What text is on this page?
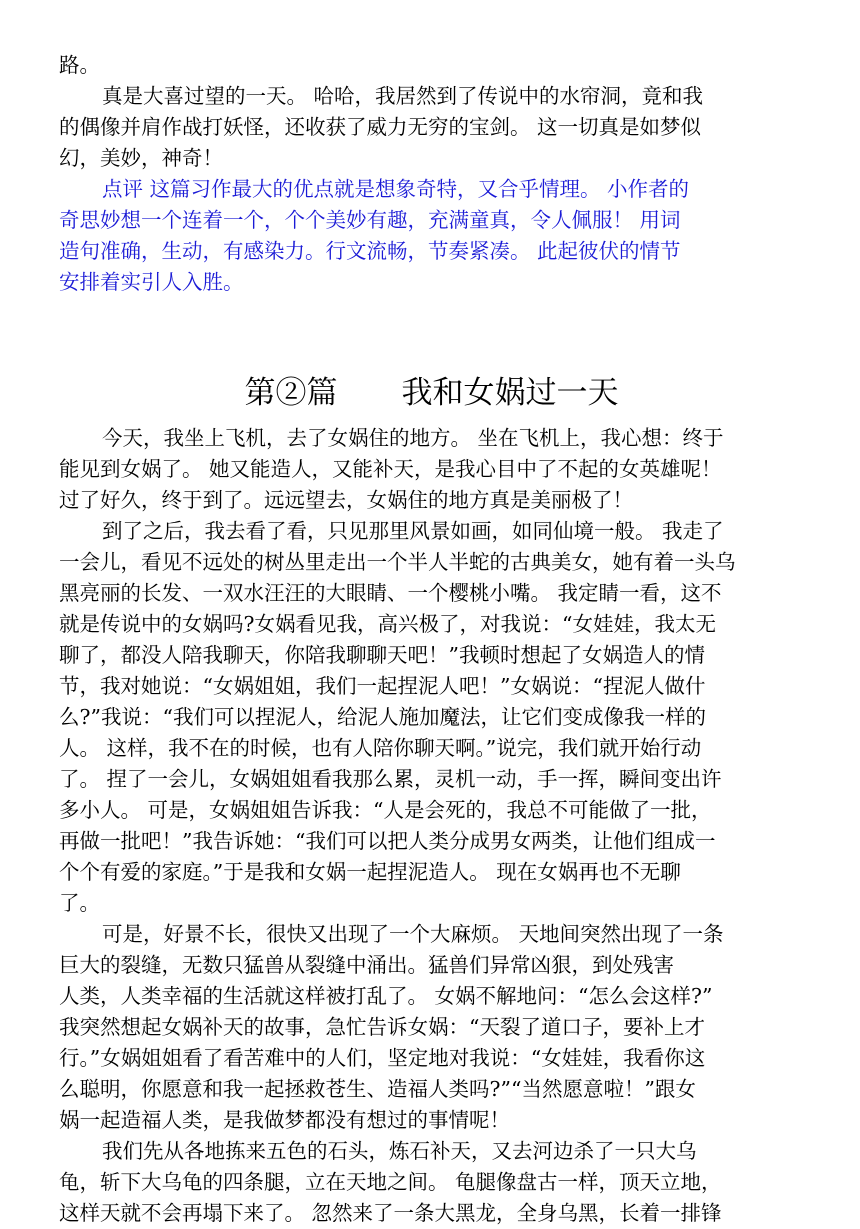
路。
真是大喜过望的一天。 哈哈，我居然到了传说中的水帘洞，竟和我
的偶像并肩作战打妖怪，还收获了威力无穷的宝剑。 这一切真是如梦似
幻，美妙，神奇！
点评 这篇习作最大的优点就是想象奇特，又合乎情理。 小作者的
奇思妙想一个连着一个，个个美妙有趣，充满童真，令人佩服！ 用词
造句准确，生动，有感染力。行文流畅，节奏紧凑。 此起彼伏的情节
安排着实引人入胜。
第②篇 我和女娲过一天
今天，我坐上飞机，去了女娲住的地方。 坐在飞机上，我心想：终于
能见到女娲了。 她又能造人，又能补天，是我心目中了不起的女英雄呢！
过了好久，终于到了。远远望去，女娲住的地方真是美丽极了！
到了之后，我去看了看，只见那里风景如画，如同仙境一般。 我走了
一会儿，看见不远处的树丛里走出一个半人半蛇的古典美女，她有着一头乌
黑亮丽的长发、一双水汪汪的大眼睛、一个樱桃小嘴。 我定睛一看，这不
就是传说中的女娲吗?女娲看见我，高兴极了，对我说：“女娃娃，我太无
聊了，都没人陪我聊天，你陪我聊聊天吧！”我顿时想起了女娲造人的情
节，我对她说：“女娲姐姐，我们一起捏泥人吧！”女娲说：“捏泥人做什
么?”我说：“我们可以捏泥人，给泥人施加魔法，让它们变成像我一样的
人。 这样，我不在的时候，也有人陪你聊天啊。”说完，我们就开始行动
了。 捏了一会儿，女娲姐姐看我那么累，灵机一动，手一挥，瞬间变出许
多小人。 可是，女娲姐姐告诉我：“人是会死的，我总不可能做了一批，
再做一批吧！”我告诉她：“我们可以把人类分成男女两类，让他们组成一
个个有爱的家庭。”于是我和女娲一起捏泥造人。 现在女娲再也不无聊
了。
可是，好景不长，很快又出现了一个大麻烦。 天地间突然出现了一条
巨大的裂缝，无数只猛兽从裂缝中涌出。猛兽们异常凶狠，到处残害
人类，人类幸福的生活就这样被打乱了。 女娲不解地问：“怎么会这样?”
我突然想起女娲补天的故事，急忙告诉女娲：“天裂了道口子，要补上才
行。”女娲姐姐看了看苦难中的人们，坚定地对我说：“女娃娃，我看你这
么聪明，你愿意和我一起拯救苍生、造福人类吗?”“当然愿意啦！”跟女
娲一起造福人类，是我做梦都没有想过的事情呢！
我们先从各地拣来五色的石头，炼石补天，又去河边杀了一只大乌
龟，斩下大乌龟的四条腿，立在天地之间。 龟腿像盘古一样，顶天立地，
这样天就不会再塌下来了。 忽然来了一条大黑龙，全身乌黑，长着一排锋
